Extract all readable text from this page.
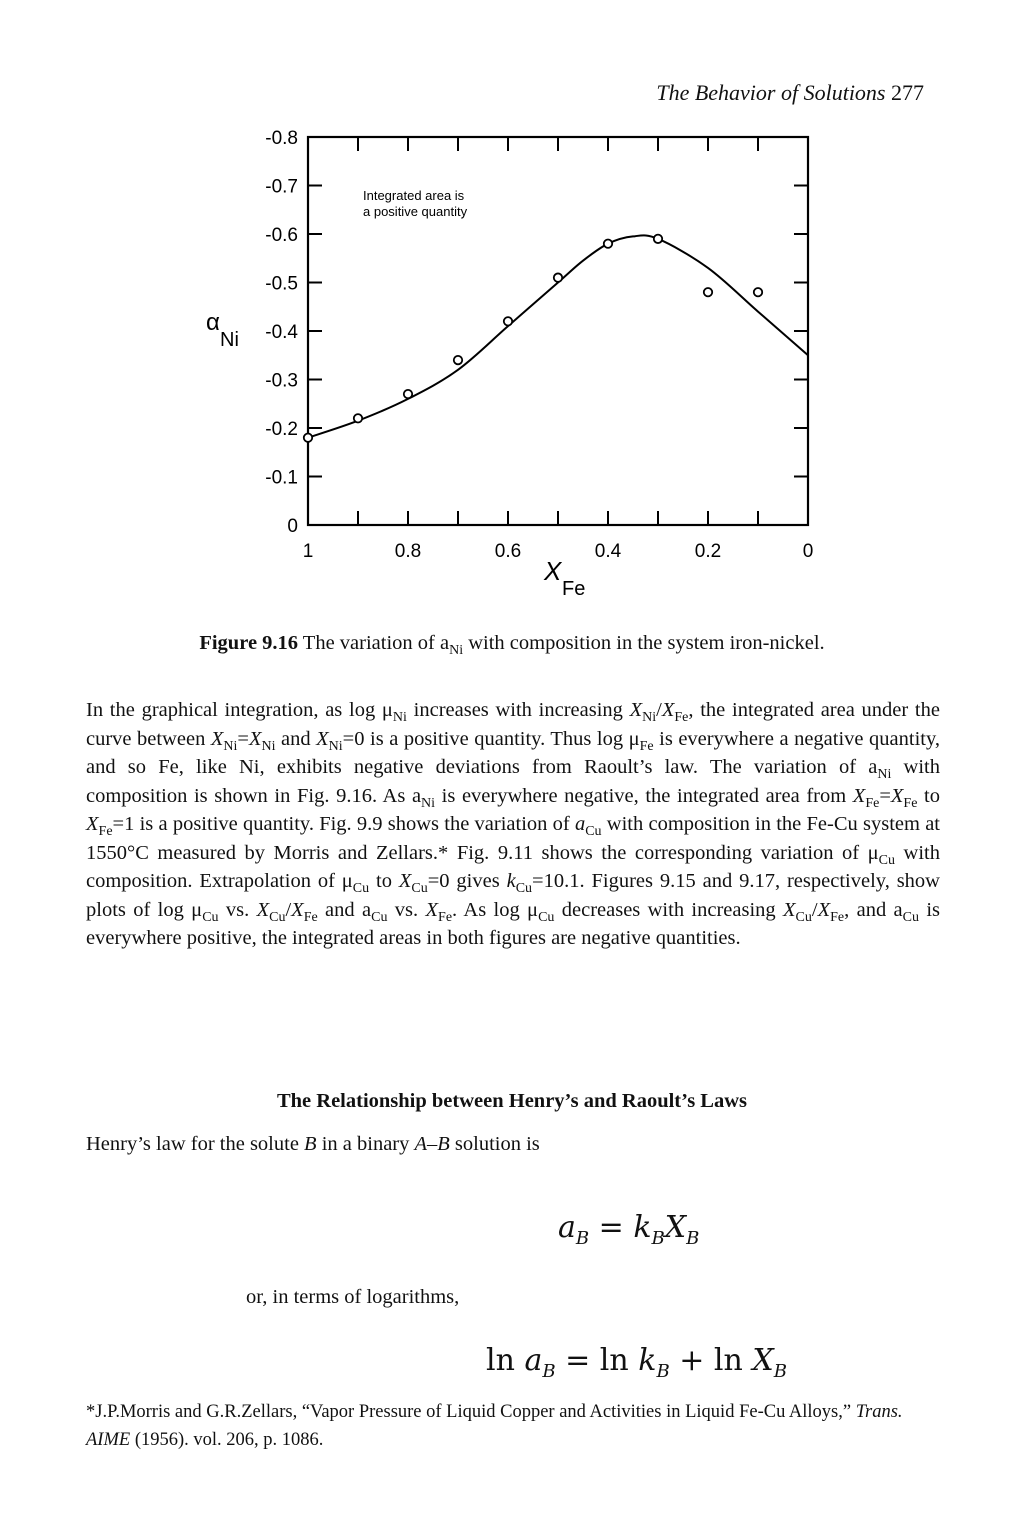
The Behavior of Solutions 277
0
-0.1
-0.2
-0.3
-0.4
-0.5
-0.6
-0.7
-0.8
1	0.8	0.6	0.4	0.2	0
Integrated area is
a positive quantity
α Ni
X Fe
Figure 9.16 The variation of $a_{Ni}$ with composition in the system iron-nickel.

In the graphical integration, as $\log \mu_{Ni}$ increases with increasing $X_{Ni}/X_{Fe}$, the integrated area under the curve between $X_{Ni}=X_{Ni}$ and $X_{Ni}=0$ is a positive quantity. Thus $\log \mu_{Fe}$ is everywhere a negative quantity, and so Fe, like Ni, exhibits negative deviations from Raoult’s law. The variation of $a_{Ni}$ with composition is shown in Fig. 9.16. As $a_{Ni}$ is everywhere negative, the integrated area from $X_{Fe}=X_{Fe}$ to $X_{Fe}=1$ is a positive quantity. Fig. 9.9 shows the variation of $a_{Cu}$ with composition in the Fe-Cu system at 1550°C measured by Morris and Zellars.* Fig. 9.11 shows the corresponding variation of $\mu_{Cu}$ with composition. Extrapolation of $\mu_{Cu}$ to $X_{Cu}=0$ gives $k_{Cu}=10.1$. Figures 9.15 and 9.17, respectively, show plots of $\log \mu_{Cu}$ vs. $X_{Cu}/X_{Fe}$ and $a_{Cu}$ vs. $X_{Fe}$. As $\log \mu_{Cu}$ decreases with increasing $X_{Cu}/X_{Fe}$, and $a_{Cu}$ is everywhere positive, the integrated areas in both figures are negative quantities.

The Relationship between Henry’s and Raoult’s Laws
Henry’s law for the solute B in a binary A–B solution is
$a_B = k_BX_B$
or, in terms of logarithms,
$\ln a_B = \ln k_B + \ln X_B$
*J.P.Morris and G.R.Zellars, “Vapor Pressure of Liquid Copper and Activities in Liquid Fe-Cu Alloys,” Trans. AIME (1956). vol. 206, p. 1086.
